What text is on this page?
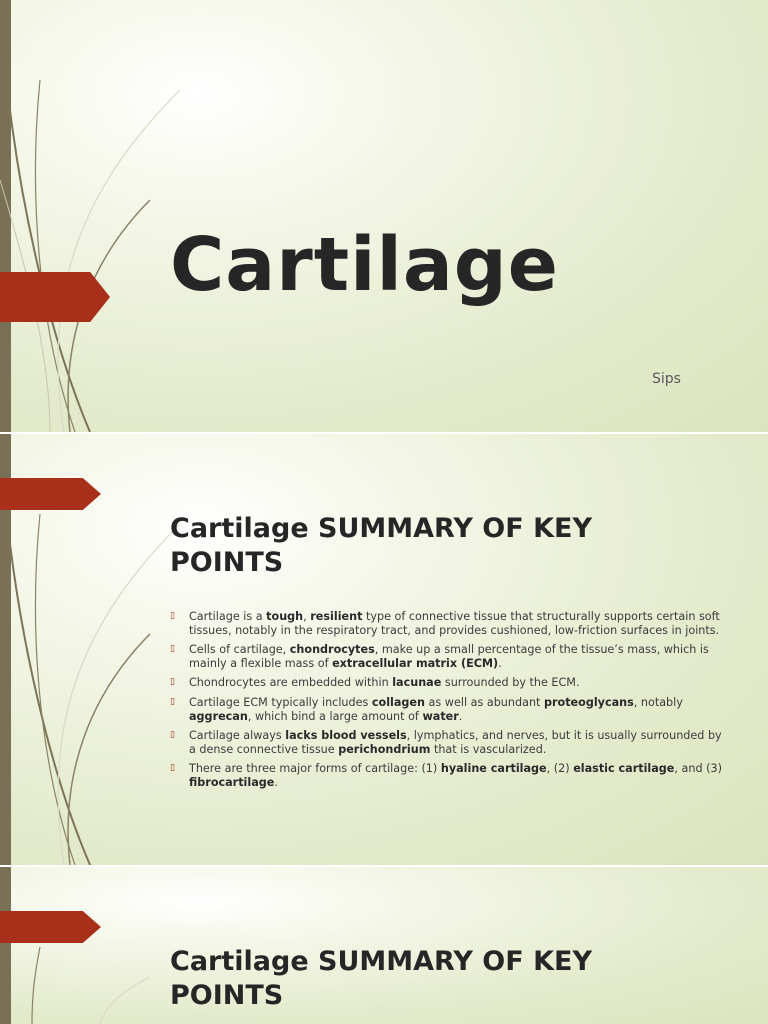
Cartilage
Sips
Cartilage SUMMARY OF KEY POINTS
▯ Cartilage is a tough, resilient type of connective tissue that structurally supports certain soft tissues, notably in the respiratory tract, and provides cushioned, low-friction surfaces in joints.
▯ Cells of cartilage, chondrocytes, make up a small percentage of the tissue’s mass, which is mainly a flexible mass of extracellular matrix (ECM).
▯ Chondrocytes are embedded within lacunae surrounded by the ECM.
▯ Cartilage ECM typically includes collagen as well as abundant proteoglycans, notably aggrecan, which bind a large amount of water.
▯ Cartilage always lacks blood vessels, lymphatics, and nerves, but it is usually surrounded by a dense connective tissue perichondrium that is vascularized.
▯ There are three major forms of cartilage: (1) hyaline cartilage, (2) elastic cartilage, and (3) fibrocartilage.
Cartilage SUMMARY OF KEY POINTS
